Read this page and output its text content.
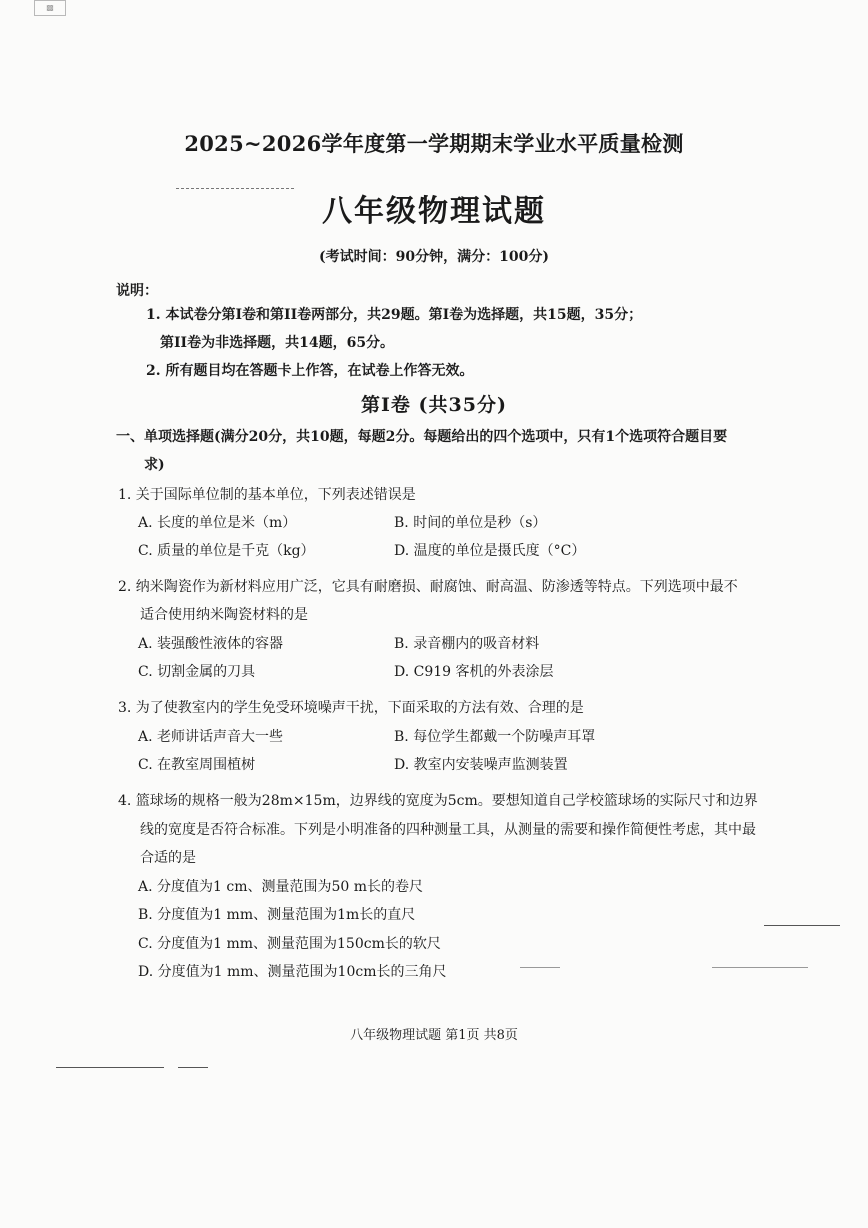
▩
2025~2026学年度第一学期期末学业水平质量检测
八年级物理试题
(考试时间：90分钟，满分：100分)
说明：
1. 本试卷分第I卷和第II卷两部分，共29题。第I卷为选择题，共15题，35分；
第II卷为非选择题，共14题，65分。
2. 所有题目均在答题卡上作答，在试卷上作答无效。
第I卷 (共35分)
一、单项选择题(满分20分，共10题，每题2分。每题给出的四个选项中，只有1个选项符合题目要
求)
1. 关于国际单位制的基本单位，下列表述错误是
A. 长度的单位是米（m）	B. 时间的单位是秒（s）
C. 质量的单位是千克（kg）	D. 温度的单位是摄氏度（°C）
2. 纳米陶瓷作为新材料应用广泛，它具有耐磨损、耐腐蚀、耐高温、防渗透等特点。下列选项中最不
适合使用纳米陶瓷材料的是
A. 装强酸性液体的容器	B. 录音棚内的吸音材料
C. 切割金属的刀具	D. C919 客机的外表涂层
3. 为了使教室内的学生免受环境噪声干扰，下面采取的方法有效、合理的是
A. 老师讲话声音大一些	B. 每位学生都戴一个防噪声耳罩
C. 在教室周围植树	D. 教室内安装噪声监测装置
4. 篮球场的规格一般为28m×15m，边界线的宽度为5cm。要想知道自己学校篮球场的实际尺寸和边界
线的宽度是否符合标准。下列是小明准备的四种测量工具，从测量的需要和操作简便性考虑，其中最
合适的是
A. 分度值为1 cm、测量范围为50 m长的卷尺
B. 分度值为1 mm、测量范围为1m长的直尺
C. 分度值为1 mm、测量范围为150cm长的软尺
D. 分度值为1 mm、测量范围为10cm长的三角尺
八年级物理试题 第1页 共8页
